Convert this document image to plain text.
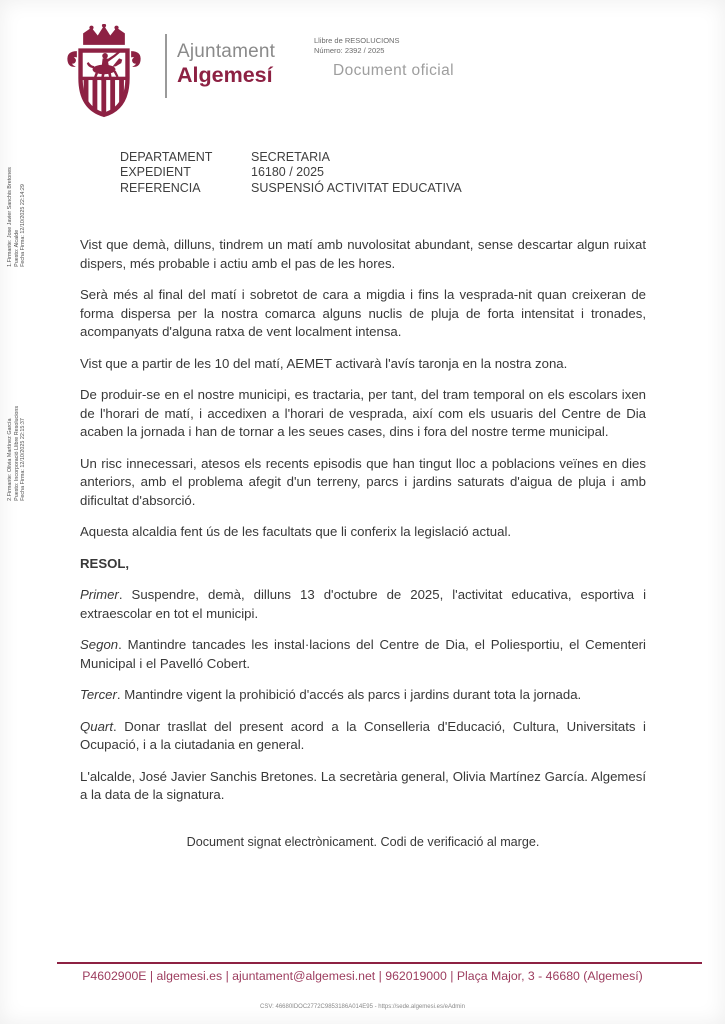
Ajuntament
Algemesí
Llibre de RESOLUCIONS
Número: 2392 / 2025
Document oficial
1.Firmante: Jose Javier Sanchis Bretones Puesto: Alcalde Fecha Firma: 12/10/2025 22:14:29
2.Firmante: Olivia Martínez García Puesto: Incorporació Llibre Resolucions Fecha Firma: 12/10/2025 22:15:37
DEPARTAMENT	SECRETARIA
EXPEDIENT	16180 / 2025
REFERENCIA	SUSPENSIÓ ACTIVITAT EDUCATIVA

Vist que demà, dilluns, tindrem un matí amb nuvolositat abundant, sense descartar algun ruixat dispers, més probable i actiu amb el pas de les hores.

Serà més al final del matí i sobretot de cara a migdia i fins la vesprada-nit quan creixeran de forma dispersa per la nostra comarca alguns nuclis de pluja de forta intensitat i tronades, acompanyats d'alguna ratxa de vent localment intensa.

Vist que a partir de les 10 del matí, AEMET activarà l'avís taronja en la nostra zona.

De produir-se en el nostre municipi, es tractaria, per tant, del tram temporal on els escolars ixen de l'horari de matí, i accedixen a l'horari de vesprada, així com els usuaris del Centre de Dia acaben la jornada i han de tornar a les seues cases, dins i fora del nostre terme municipal.

Un risc innecessari, atesos els recents episodis que han tingut lloc a poblacions veïnes en dies anteriors, amb el problema afegit d'un terreny, parcs i jardins saturats d'aigua de pluja i amb dificultat d'absorció.

Aquesta alcaldia fent ús de les facultats que li conferix la legislació actual.

RESOL,

Primer. Suspendre, demà, dilluns 13 d'octubre de 2025, l'activitat educativa, esportiva i extraescolar en tot el municipi.

Segon. Mantindre tancades les instal·lacions del Centre de Dia, el Poliesportiu, el Cementeri Municipal i el Pavelló Cobert.

Tercer. Mantindre vigent la prohibició d'accés als parcs i jardins durant tota la jornada.

Quart. Donar trasllat del present acord a la Conselleria d'Educació, Cultura, Universitats i Ocupació, i a la ciutadania en general.

L'alcalde, José Javier Sanchis Bretones. La secretària general, Olivia Martínez García. Algemesí a la data de la signatura.

Document signat electrònicament. Codi de verificació al marge.

P4602900E | algemesi.es | ajuntament@algemesi.net | 962019000 | Plaça Major, 3 - 46680 (Algemesí)
CSV: 46680IDOC2772C9853186A014E95 - https://sede.algemesi.es/eAdmin
